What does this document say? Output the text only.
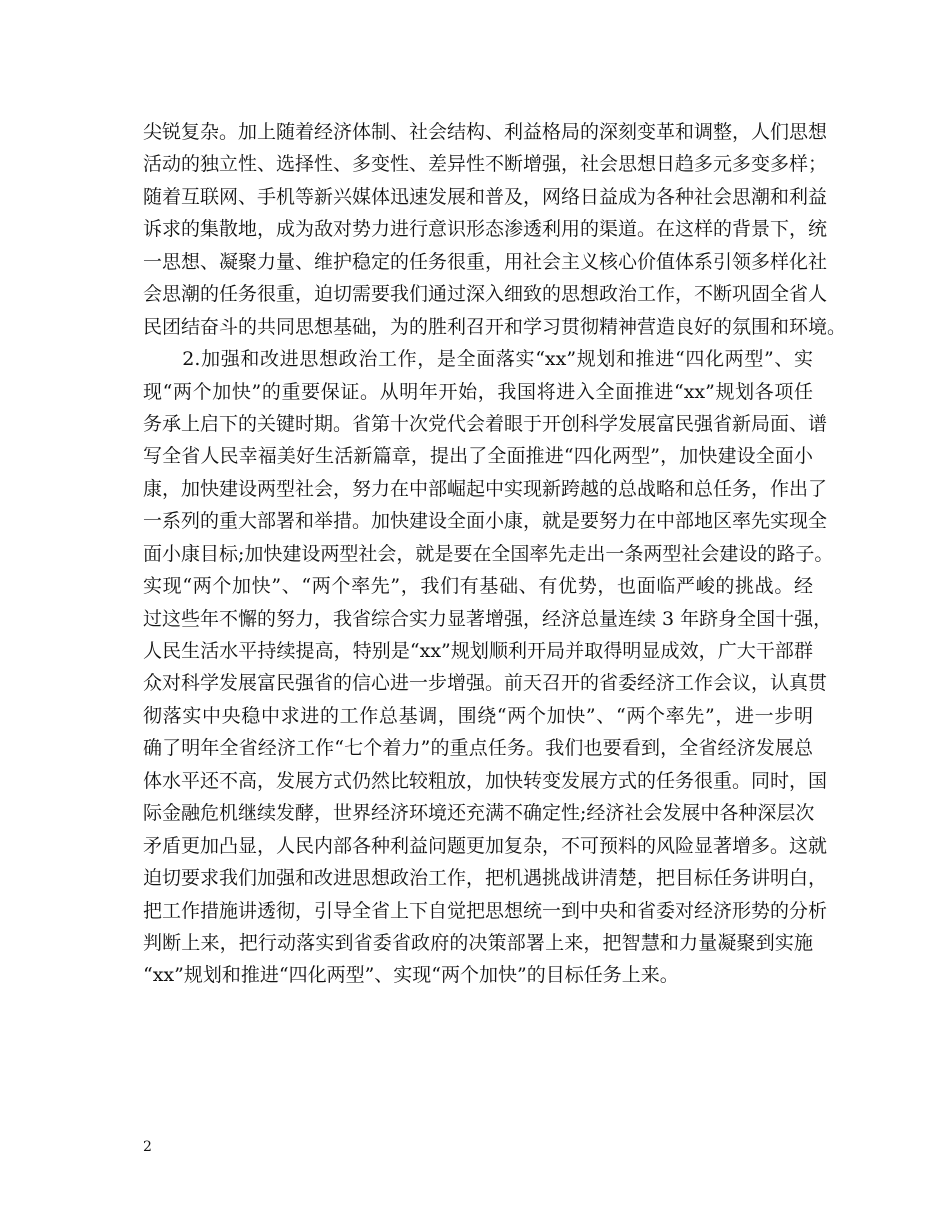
尖锐复杂。加上随着经济体制、社会结构、利益格局的深刻变革和调整，人们思想
活动的独立性、选择性、多变性、差异性不断增强，社会思想日趋多元多变多样；
随着互联网、手机等新兴媒体迅速发展和普及，网络日益成为各种社会思潮和利益
诉求的集散地，成为敌对势力进行意识形态渗透利用的渠道。在这样的背景下，统
一思想、凝聚力量、维护稳定的任务很重，用社会主义核心价值体系引领多样化社
会思潮的任务很重，迫切需要我们通过深入细致的思想政治工作，不断巩固全省人
民团结奋斗的共同思想基础，为的胜利召开和学习贯彻精神营造良好的氛围和环境。
　　2.加强和改进思想政治工作，是全面落实“xx”规划和推进“四化两型”、实
现“两个加快”的重要保证。从明年开始，我国将进入全面推进“xx”规划各项任
务承上启下的关键时期。省第十次党代会着眼于开创科学发展富民强省新局面、谱
写全省人民幸福美好生活新篇章，提出了全面推进“四化两型”，加快建设全面小
康，加快建设两型社会，努力在中部崛起中实现新跨越的总战略和总任务，作出了
一系列的重大部署和举措。加快建设全面小康，就是要努力在中部地区率先实现全
面小康目标;加快建设两型社会，就是要在全国率先走出一条两型社会建设的路子。
实现“两个加快”、“两个率先”，我们有基础、有优势，也面临严峻的挑战。经
过这些年不懈的努力，我省综合实力显著增强，经济总量连续 3 年跻身全国十强，
人民生活水平持续提高，特别是“xx”规划顺利开局并取得明显成效，广大干部群
众对科学发展富民强省的信心进一步增强。前天召开的省委经济工作会议，认真贯
彻落实中央稳中求进的工作总基调，围绕“两个加快”、“两个率先”，进一步明
确了明年全省经济工作“七个着力”的重点任务。我们也要看到，全省经济发展总
体水平还不高，发展方式仍然比较粗放，加快转变发展方式的任务很重。同时，国
际金融危机继续发酵，世界经济环境还充满不确定性;经济社会发展中各种深层次
矛盾更加凸显，人民内部各种利益问题更加复杂，不可预料的风险显著增多。这就
迫切要求我们加强和改进思想政治工作，把机遇挑战讲清楚，把目标任务讲明白，
把工作措施讲透彻，引导全省上下自觉把思想统一到中央和省委对经济形势的分析
判断上来，把行动落实到省委省政府的决策部署上来，把智慧和力量凝聚到实施
“xx”规划和推进“四化两型”、实现“两个加快”的目标任务上来。
2
